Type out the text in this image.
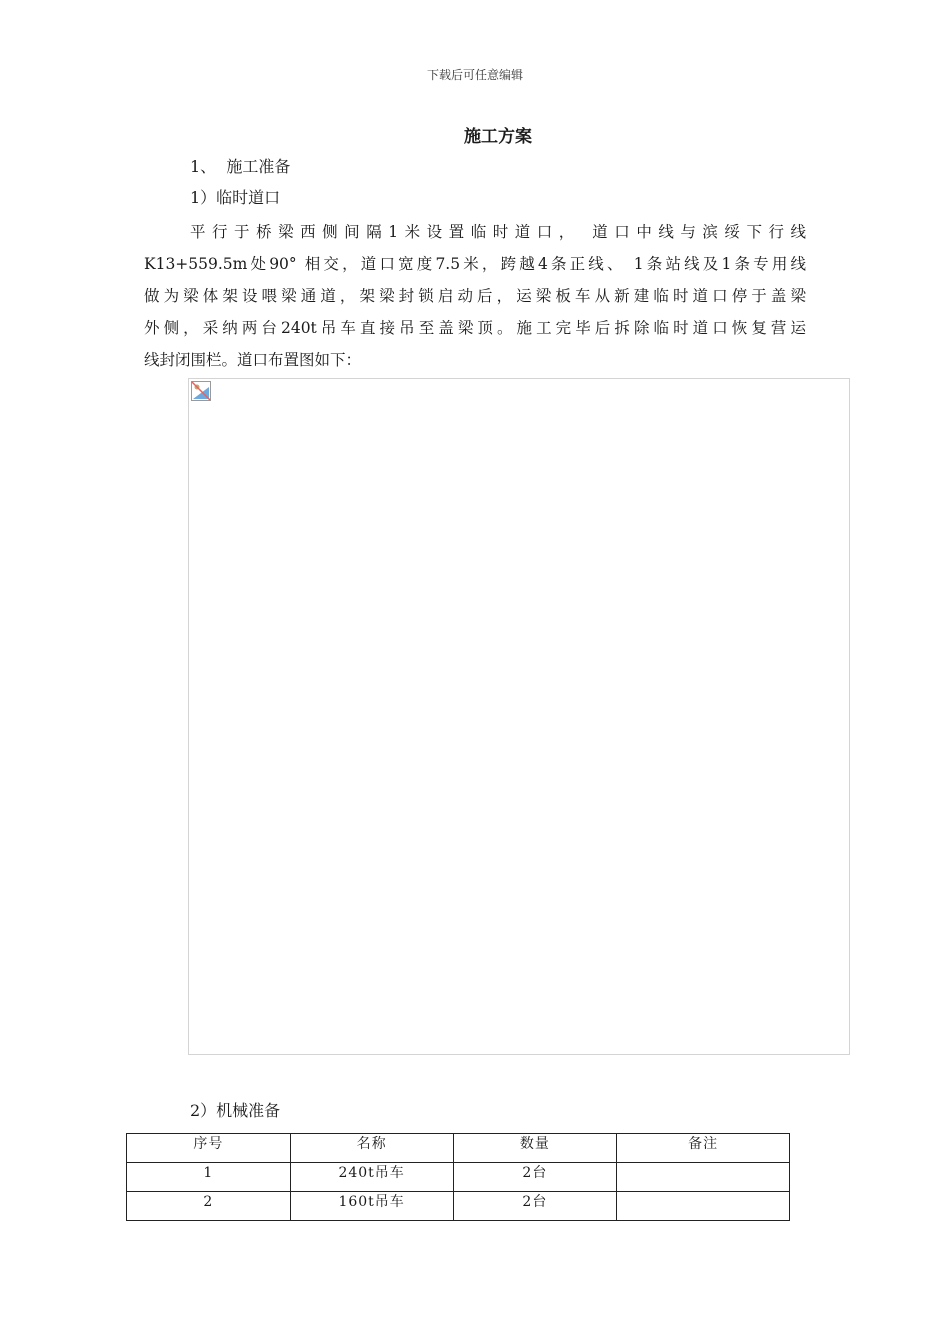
下载后可任意编辑
施工方案
1、  施工准备
1）临时道口
平行于桥梁西侧间隔1米设置临时道口， 道口中线与滨绥下行线
K13+559.5m处90° 相交，道口宽度7.5米，跨越4条正线、 1条站线及1条专用线
做为梁体架设喂梁通道，架梁封锁启动后，运梁板车从新建临时道口停于盖梁
外侧，采纳两台240t吊车直接吊至盖梁顶。施工完毕后拆除临时道口恢复营运
线封闭围栏。道口布置图如下：
2）机械准备
序号	名称	数量	备注
1	240t吊车	2台	
2	160t吊车	2台	
